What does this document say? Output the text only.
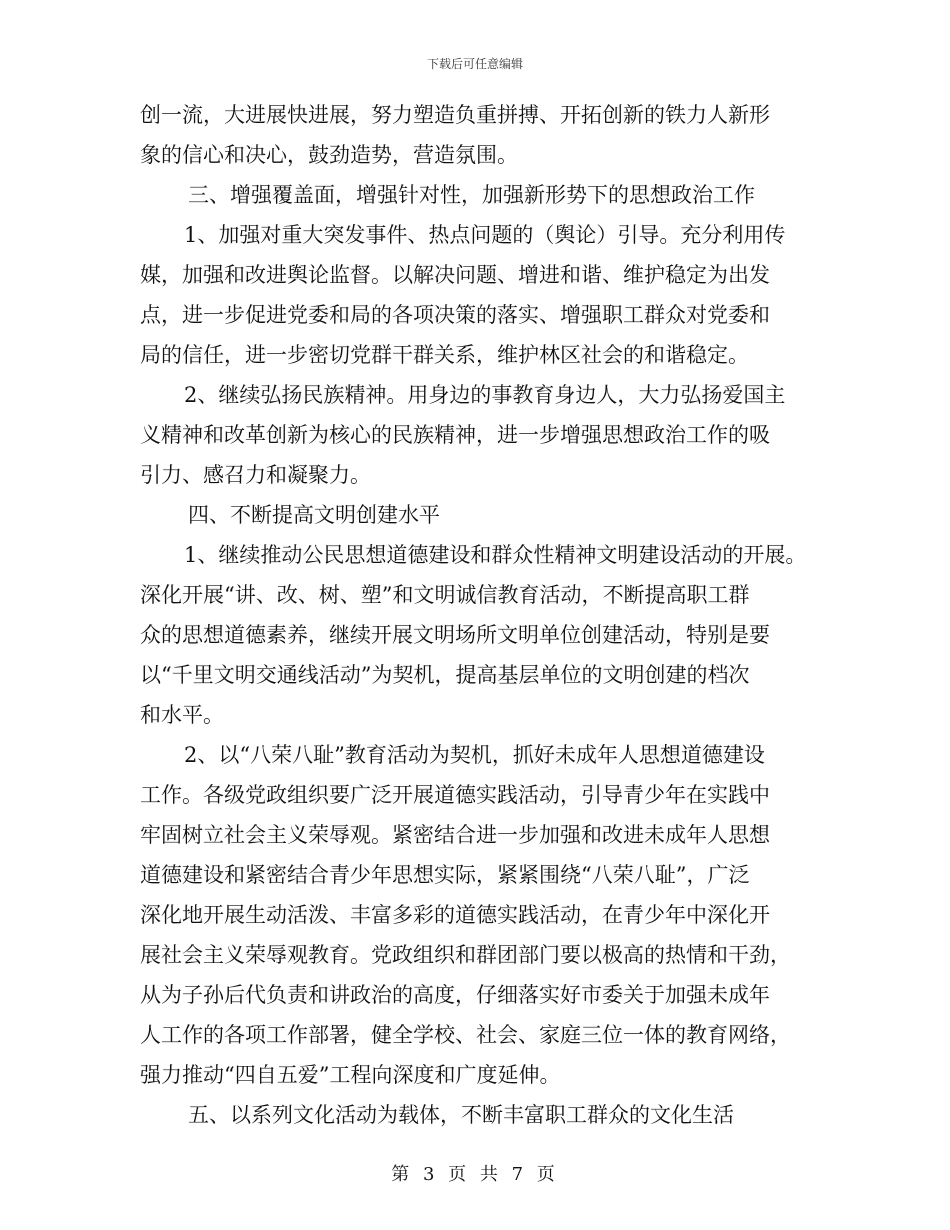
下载后可任意编辑

创一流，大进展快进展，努力塑造负重拼搏、开拓创新的铁力人新形

象的信心和决心，鼓劲造势，营造氛围。

三、增强覆盖面，增强针对性，加强新形势下的思想政治工作

1、加强对重大突发事件、热点问题的（舆论）引导。充分利用传

媒，加强和改进舆论监督。以解决问题、增进和谐、维护稳定为出发

点，进一步促进党委和局的各项决策的落实、增强职工群众对党委和

局的信任，进一步密切党群干群关系，维护林区社会的和谐稳定。

2、继续弘扬民族精神。用身边的事教育身边人，大力弘扬爱国主

义精神和改革创新为核心的民族精神，进一步增强思想政治工作的吸

引力、感召力和凝聚力。

四、不断提高文明创建水平

1、继续推动公民思想道德建设和群众性精神文明建设活动的开展。

深化开展“讲、改、树、塑”和文明诚信教育活动，不断提高职工群

众的思想道德素养，继续开展文明场所文明单位创建活动，特别是要

以“千里文明交通线活动”为契机，提高基层单位的文明创建的档次

和水平。

2、以“八荣八耻”教育活动为契机，抓好未成年人思想道德建设

工作。各级党政组织要广泛开展道德实践活动，引导青少年在实践中

牢固树立社会主义荣辱观。紧密结合进一步加强和改进未成年人思想

道德建设和紧密结合青少年思想实际，紧紧围绕“八荣八耻”，广泛

深化地开展生动活泼、丰富多彩的道德实践活动，在青少年中深化开

展社会主义荣辱观教育。党政组织和群团部门要以极高的热情和干劲，

从为子孙后代负责和讲政治的高度，仔细落实好市委关于加强未成年

人工作的各项工作部署，健全学校、社会、家庭三位一体的教育网络，

强力推动“四自五爱”工程向深度和广度延伸。

五、以系列文化活动为载体，不断丰富职工群众的文化生活

第 3 页 共 7 页
